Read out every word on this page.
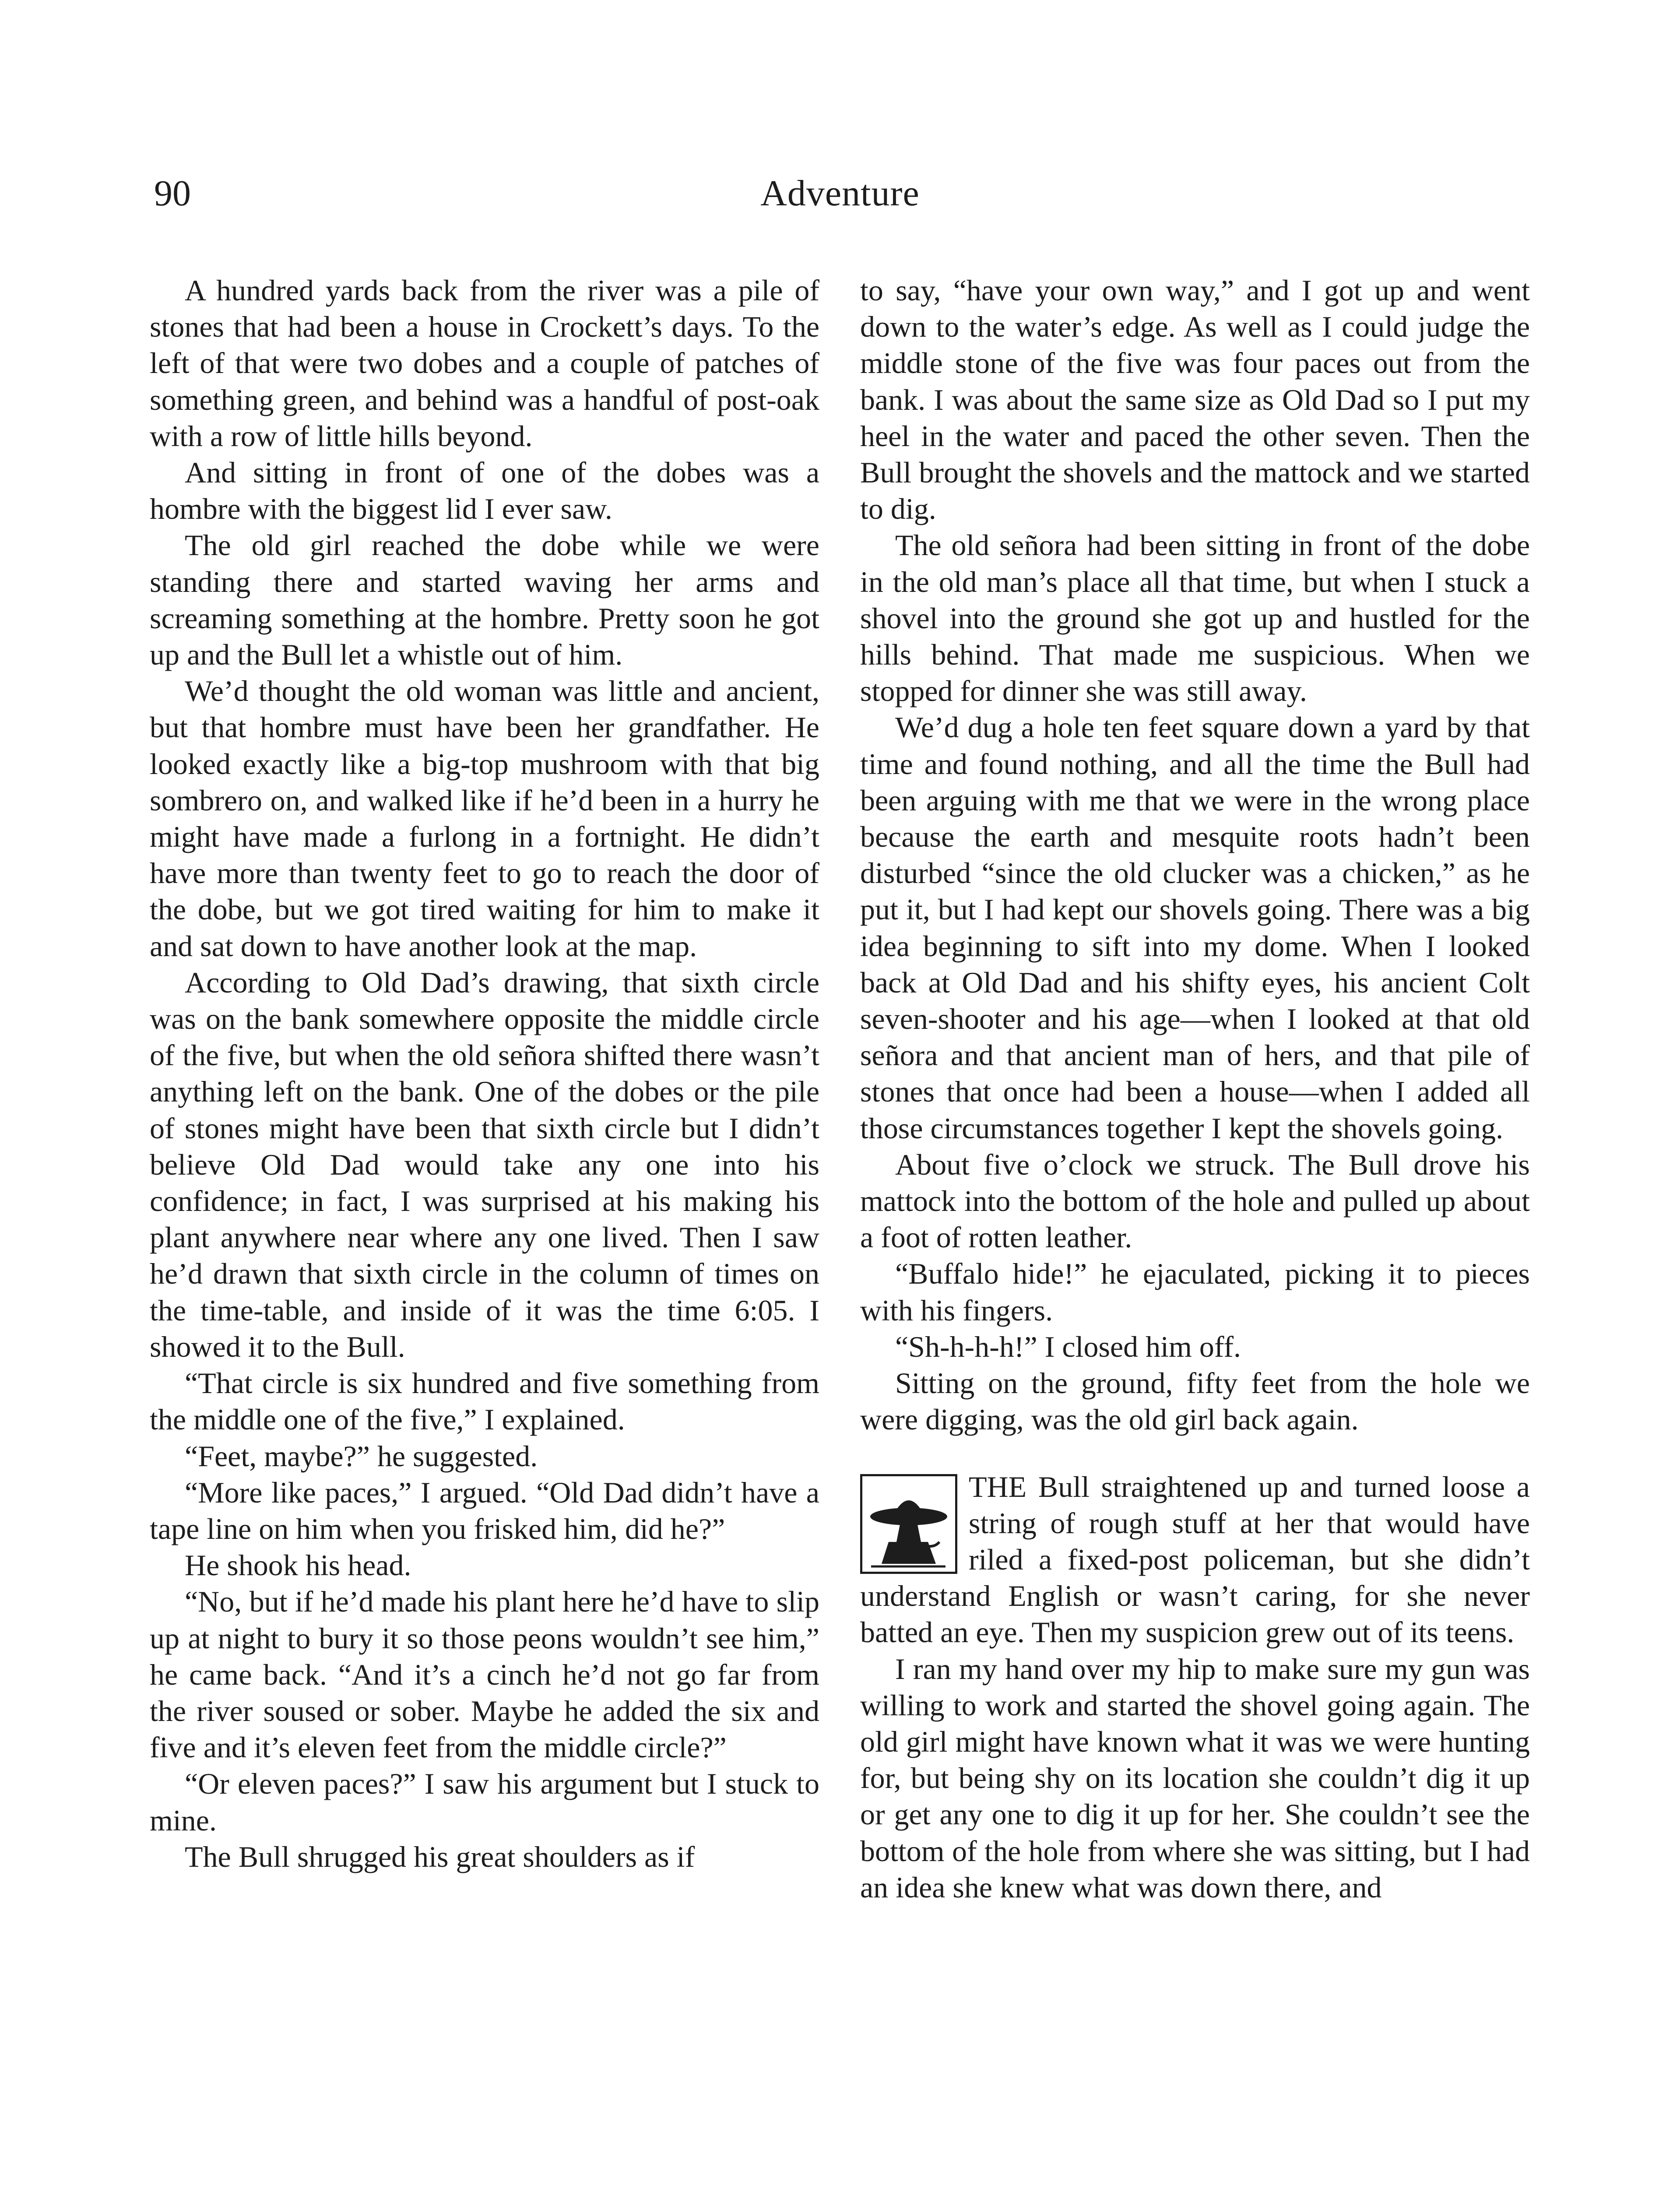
90	Adventure

A hundred yards back from the river was a pile of stones that had been a house in Crockett’s days. To the left of that were two dobes and a couple of patches of something green, and behind was a handful of post-oak with a row of little hills beyond.

And sitting in front of one of the dobes was a hombre with the biggest lid I ever saw.

The old girl reached the dobe while we were standing there and started waving her arms and screaming something at the hombre. Pretty soon he got up and the Bull let a whistle out of him.

We’d thought the old woman was little and ancient, but that hombre must have been her grandfather. He looked exactly like a big-top mushroom with that big sombrero on, and walked like if he’d been in a hurry he might have made a furlong in a fortnight. He didn’t have more than twenty feet to go to reach the door of the dobe, but we got tired waiting for him to make it and sat down to have another look at the map.

According to Old Dad’s drawing, that sixth circle was on the bank somewhere opposite the middle circle of the five, but when the old señora shifted there wasn’t anything left on the bank. One of the dobes or the pile of stones might have been that sixth circle but I didn’t believe Old Dad would take any one into his confidence; in fact, I was surprised at his making his plant anywhere near where any one lived. Then I saw he’d drawn that sixth circle in the column of times on the time-table, and inside of it was the time 6:05. I showed it to the Bull.

“That circle is six hundred and five something from the middle one of the five,” I explained.

“Feet, maybe?” he suggested.

“More like paces,” I argued. “Old Dad didn’t have a tape line on him when you frisked him, did he?”

He shook his head.

“No, but if he’d made his plant here he’d have to slip up at night to bury it so those peons wouldn’t see him,” he came back. “And it’s a cinch he’d not go far from the river soused or sober. Maybe he added the six and five and it’s eleven feet from the middle circle?”

“Or eleven paces?” I saw his argument but I stuck to mine.

The Bull shrugged his great shoulders as if

to say, “have your own way,” and I got up and went down to the water’s edge. As well as I could judge the middle stone of the five was four paces out from the bank. I was about the same size as Old Dad so I put my heel in the water and paced the other seven. Then the Bull brought the shovels and the mattock and we started to dig.

The old señora had been sitting in front of the dobe in the old man’s place all that time, but when I stuck a shovel into the ground she got up and hustled for the hills behind. That made me suspicious. When we stopped for dinner she was still away.

We’d dug a hole ten feet square down a yard by that time and found nothing, and all the time the Bull had been arguing with me that we were in the wrong place because the earth and mesquite roots hadn’t been disturbed “since the old clucker was a chicken,” as he put it, but I had kept our shovels going. There was a big idea beginning to sift into my dome. When I looked back at Old Dad and his shifty eyes, his ancient Colt seven-shooter and his age—when I looked at that old señora and that ancient man of hers, and that pile of stones that once had been a house—when I added all those circumstances together I kept the shovels going.

About five o’clock we struck. The Bull drove his mattock into the bottom of the hole and pulled up about a foot of rotten leather.

“Buffalo hide!” he ejaculated, picking it to pieces with his fingers.

“Sh-h-h-h!” I closed him off.

Sitting on the ground, fifty feet from the hole we were digging, was the old girl back again.

THE Bull straightened up and turned loose a string of rough stuff at her that would have riled a fixed-post policeman, but she didn’t understand English or wasn’t caring, for she never batted an eye. Then my suspicion grew out of its teens.

I ran my hand over my hip to make sure my gun was willing to work and started the shovel going again. The old girl might have known what it was we were hunting for, but being shy on its location she couldn’t dig it up or get any one to dig it up for her. She couldn’t see the bottom of the hole from where she was sitting, but I had an idea she knew what was down there, and
